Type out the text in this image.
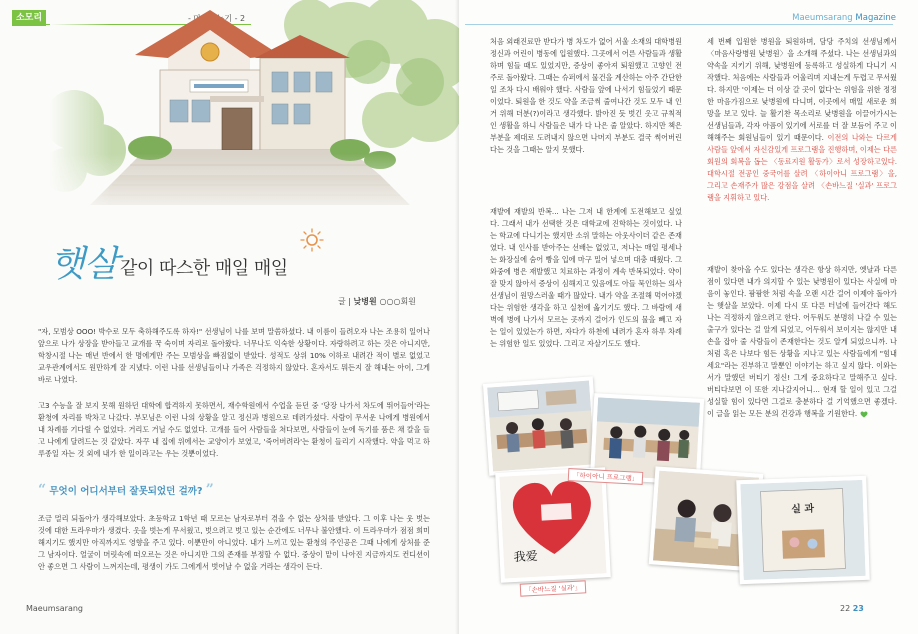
소모리
햇살 같이 따스한 매일 매일
글 | 낮병원 ○○○회원

"자, 모범상 OOO! 박수로 모두 축하해주도록 하자!" 선생님이 나를 보며 말씀하셨다. 내 이름이 들려오자 나는 조용히 일어나 앞으로 나가 상장을 받아들고 교개를 꾹 숙이며 자리로 돌아왔다. 너무나도 익숙한 상황이다. 자랑하려고 하는 것은 아니지만, 학창시절 나는 매년 반에서 한 명에게만 주는 모범상을 빠짐없이 받았다. 성적도 상위 10% 이하로 내려간 적이 별로 없었고 교우관계에서도 원만하게 잘 지냈다. 이런 나를 선생님들이나 가족은 걱정하지 않았다. 혼자서도 뭐든지 잘 해내는 아이, 그게 바로 나였다.

고3 수능을 잘 보지 못해 원하던 대학에 합격하지 못하면서, 재수학원에서 수업을 듣던 중 '당장 나가서 차도에 뛰어들어'라는 환청에 자리를 박차고 나갔다. 부모님은 이런 나의 상황을 알고 정신과 병원으로 데려가셨다. 사람이 무서운 나에게 병원에서 내 차례를 기다릴 수 없었다. 거리도 거닐 수도 없었다. 고개를 들어 사람들을 쳐다보면, 사람들이 눈에 독기를 품은 채 칼을 들고 나에게 달려드는 것 같았다. 자꾸 내 집에 위에서는 교양이가 보였고, '죽어버려라'는 환청이 들리기 시작했다. 약을 먹고 하루종일 자는 것 외에 내가 한 일이라고는 우는 것뿐이었다.

“ 무엇이 어디서부터 잘못되었던 걸까? ”

조금 멀리 되돌아가 생각해보았다. 초등학교 1학년 때 모르는 남자로부터 겪을 수 없는 상처를 받았다. 그 이후 나는 웃 벗는 것에 대한 트라우마가 생겼다. 옷을 벗는게 무서웠고, 벗으려고 벗고 있는 순간에도 너무나 불안했다. 이 트라우마가 점점 희미해지기도 했지만 아직까지도 영향을 주고 있다. 이뿐만이 아니었다. 내가 느끼고 있는 환청의 주인공은 그때 나에게 상처를 준 그 남자이다. 얼굴이 머릿속에 떠오르는 것은 아니지만 그의 존재를 부정할 수 없다. 중상이 맡이 나아진 지금까지도 컨디션이 안 좋으면 그 사람이 느껴지는데, 평생이 가도 그에게서 벗어날 수 없을 거라는 생각이 든다.

Maeumsarang
Maeumsarang Magazine

처음 외래진료만 받다가 병 차도가 없어 서울 소재의 대학병원 정신과 어린이 병동에 입원했다. 그곳에서 어른 사람들과 생활하며 힘들 때도 있었지만, 증상이 좋아져 퇴원했고 고향인 전주로 돌아왔다. 그때는 슈퍼에서 물건을 계산하는 아주 간단한 일 조차 다시 배워야 했다. 사람들 앞에 나서기 힘들었기 때문이었다. 퇴원을 한 것도 약을 조금씩 줄여나간 것도 모두 내 인거 위해 더분(?)이라고 생각했다. 밝아진 듯 벗긴 옷고 규칙적인 생활을 하니 사람들은 내가 다 나은 줄 알았다. 하지만 책은 부분을 제대로 도려내지 않으면 나머지 부분도 결국 썩어버린다는 것을 그때는 알지 못했다.

재발에 재발의 반복... 나는 그저 내 한계에 도전해보고 싶었다. 그래서 내가 선택한 것은 대학교에 진학하는 것이었다. 나는 학교에 다니기는 했지만 소위 말하는 아웃사이더 같은 존재였다. 내 인사를 받아주는 선배는 없었고, 저나는 매일 평세나는 화장실에 숨어 빵을 입에 마구 밀어 넣으며 대충 때웠다. 그 와중에 병은 재발했고 치료하는 과정이 계속 반복되었다. 약이 잘 맞지 않아서 증상이 심해지고 있음에도 아들 묵인하는 의사선생님이 원망스러울 때가 많았다. 내가 약을 조절해 먹어야겠다는 위험한 생각을 하고 실천에 옮기기도 했다. 그 바람에 새벽에 병에 나가서 모르는 곳까지 걸어가 인도의 물을 빼고 자는 일이 있었는가 하면, 자다가 하천에 내려가 혼자 하루 차례는 위험한 일도 있었다. 그리고 자살기도도 했다.

세 번째 입원한 병원을 퇴원하며, 담당 주치의 선생님께서 〈마음사랑병원 낮병원〉을 소개해 주셨다. 나는 선생님과의 약속을 지키기 위해, 낮병원에 등록하고 성실하게 다니기 시작했다. 처음에는 사람들과 어울리며 지내는게 두렵고 무서웠다. 하지만 '이제는 더 이상 갈 곳이 없다'는 위험을 위한 정정한 마음가짐으로 낮병원에 다니며, 이곳에서 매일 새로운 희망을 보고 있다. 늘 활기찬 목소리로 낮병원을 이끌어가시는 선생님들과, 각자 아픔이 있기에 서로를 더 잘 보듬어 주고 이해해주는 회원님들이 있기 때문이다. 이전의 나와는 다르게 사람들 앞에서 자신감있게 프로그램을 진행하며, 이제는 다른 회원의 회복을 돕는 〈동료지원 활동가〉로서 성장하고있다. 대학시절 전공인 중국어를 살려 〈하이아니 프로그램〉을, 그리고 손재주가 많은 강점을 살려 〈손바느질 '실과' 프로그램을 지휘하고 있다.
재발이 찾아올 수도 있다는 생각은 항상 하지만, 옛날과 다른 점이 있다면 내가 의지할 수 있는 낮병원이 있다는 사실에 마음이 놓인다. 팜팜한 처럼 속을 오랜 시간 걸어 이제야 돌아가는 햇살을 보았다. 이제 다시 또 다른 터널에 들어간다 해도 나는 걱정하지 않으려고 한다. 어두워도 분명히 나갈 수 있는 출구가 있다는 걸 알게 되었고, 어두워서 보이지는 않지만 내 손을 잡아 줄 사람들이 존재한다는 것도 알게 되었으니까. 나처럼 혹은 나보다 힘든 상황을 지나고 있는 사람들에게 "힘내세요"라는 진부하고 말뿐인 이야기는 하고 싶지 않다. 이와는 서가 말했던 버티기 정신! 그게 중요하다고 말해주고 싶다. 버티다보면 이 또한 지나갈지어니... 현재 할 일이 있고 그걸 성실할 힘이 있다면 그걸로 충분하다 걸 기억했으면 좋겠다. 이 글을 읽는 모든 분의 건강과 행복을 기원한다.
我爱
실 과
「하이아니 프로그램」
「손바느질 '실과'」
22 23
